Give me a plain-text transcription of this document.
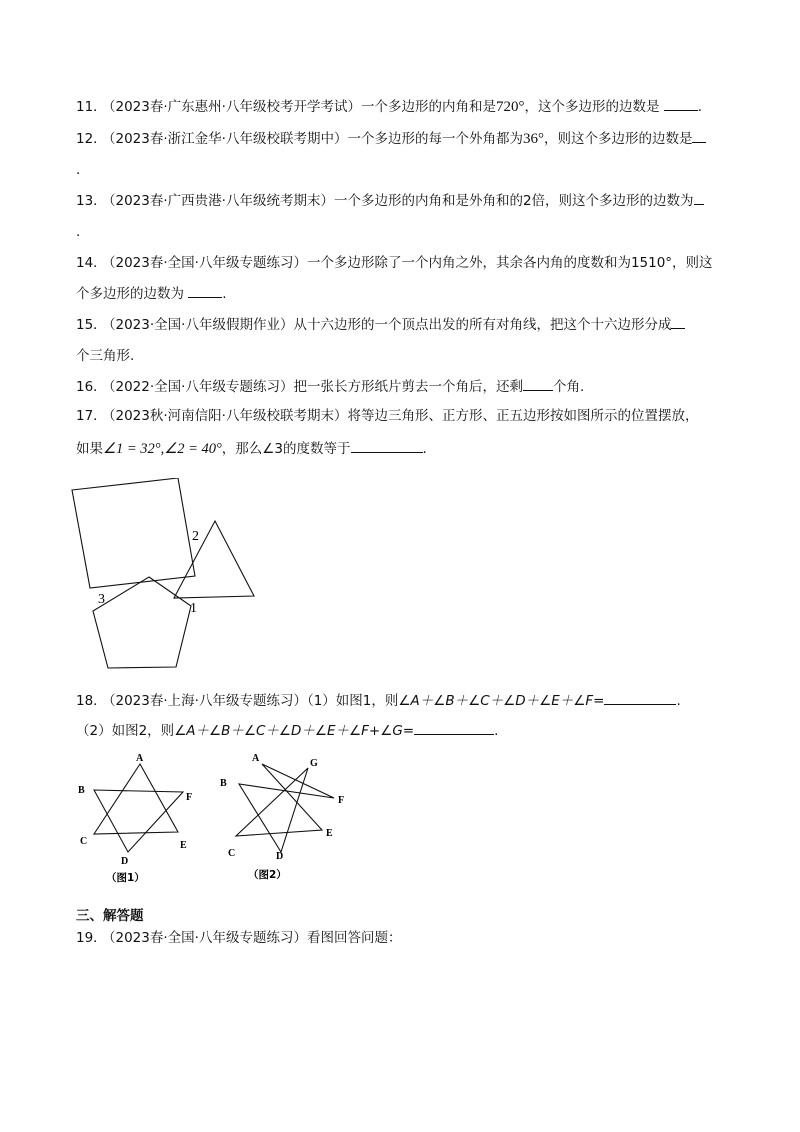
11．（2023春·广东惠州·八年级校考开学考试）一个多边形的内角和是720°，这个多边形的边数是	.
12．（2023春·浙江金华·八年级校联考期中）一个多边形的每一个外角都为36°，则这个多边形的边数是
.
13．（2023春·广西贵港·八年级统考期末）一个多边形的内角和是外角和的2倍，则这个多边形的边数为
.
14．（2023春·全国·八年级专题练习）一个多边形除了一个内角之外，其余各内角的度数和为1510°，则这
个多边形的边数为	.
15．（2023·全国·八年级假期作业）从十六边形的一个顶点出发的所有对角线，把这个十六边形分成
个三角形.
16．（2022·全国·八年级专题练习）把一张长方形纸片剪去一个角后，还剩 个角.
17．（2023秋·河南信阳·八年级校联考期末）将等边三角形、正方形、正五边形按如图所示的位置摆放，
如果∠1 = 32°,∠2 = 40°，那么∠3的度数等于	.
2
1
3
18．（2023春·上海·八年级专题练习）（1）如图1，则∠A＋∠B＋∠C＋∠D＋∠E＋∠F=	.
（2）如图2，则∠A＋∠B＋∠C＋∠D＋∠E＋∠F+∠G=	.
A
B
F
C	E
D
（图1）
A	G
B
F
E
C	D
（图2）
三、解答题
19．（2023春·全国·八年级专题练习）看图回答问题：
